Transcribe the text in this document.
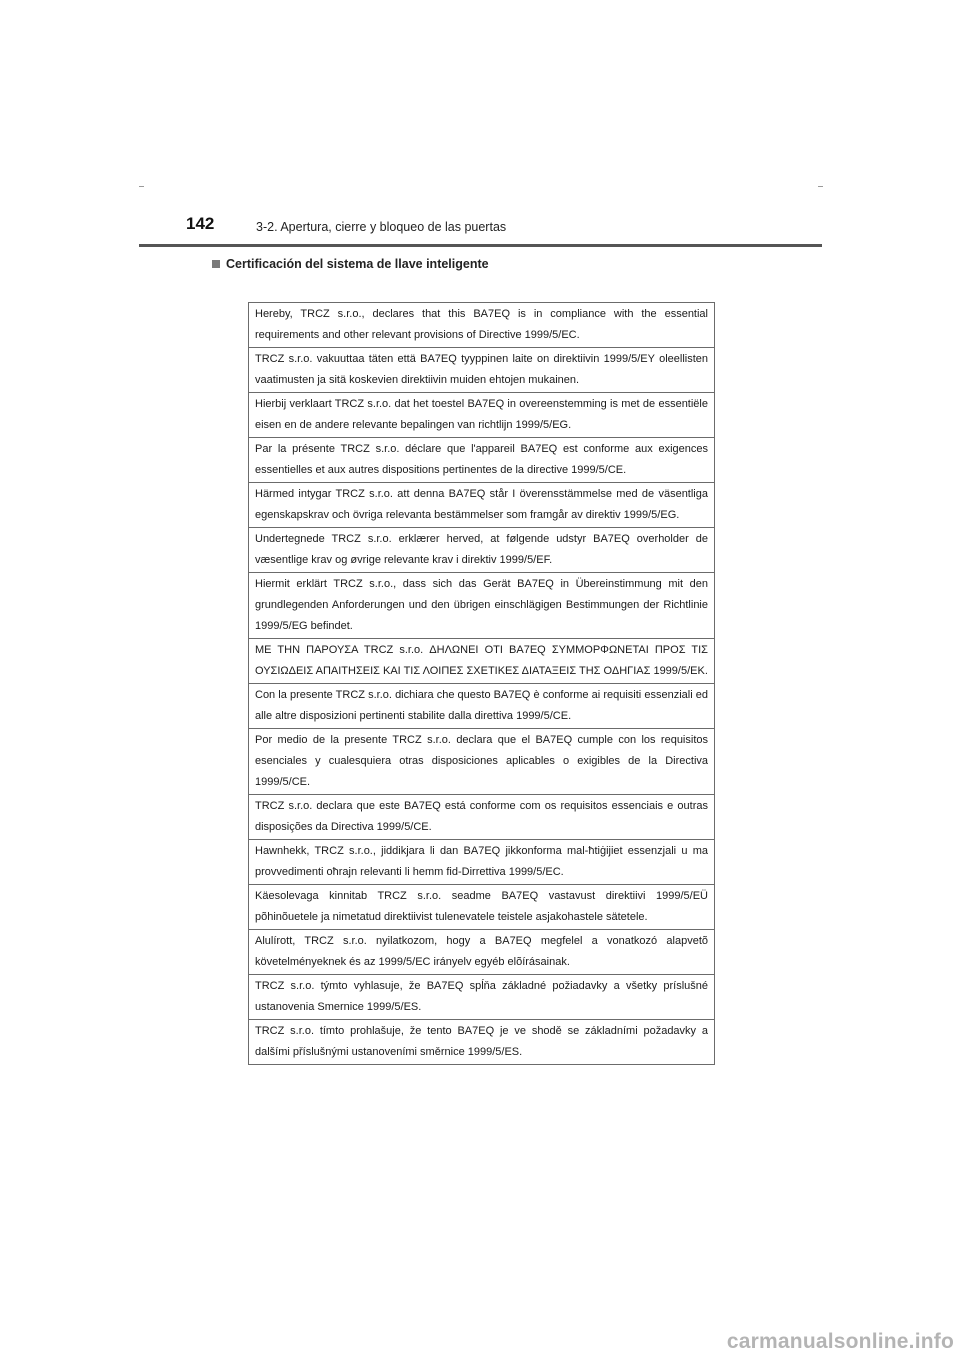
142	3-2. Apertura, cierre y bloqueo de las puertas
Certificación del sistema de llave inteligente
Hereby, TRCZ s.r.o., declares that this BA7EQ is in compliance with the essential requirements and other relevant provisions of Directive 1999/5/EC.
TRCZ s.r.o. vakuuttaa täten että BA7EQ tyyppinen laite on direktiivin 1999/5/EY oleellisten vaatimusten ja sitä koskevien direktiivin muiden ehtojen mukainen.
Hierbij verklaart TRCZ s.r.o. dat het toestel BA7EQ in overeenstemming is met de essentiële eisen en de andere relevante bepalingen van richtlijn 1999/5/EG.
Par la présente TRCZ s.r.o. déclare que l'appareil BA7EQ est conforme aux exigences essentielles et aux autres dispositions pertinentes de la directive 1999/5/CE.
Härmed intygar TRCZ s.r.o. att denna BA7EQ står I överensstämmelse med de väsentliga egenskapskrav och övriga relevanta bestämmelser som framgår av direktiv 1999/5/EG.
Undertegnede TRCZ s.r.o. erklærer herved, at følgende udstyr BA7EQ overholder de væsentlige krav og øvrige relevante krav i direktiv 1999/5/EF.
Hiermit erklärt TRCZ s.r.o., dass sich das Gerät BA7EQ in Übereinstimmung mit den grundlegenden Anforderungen und den übrigen einschlägigen Bestimmungen der Richtlinie 1999/5/EG befindet.
ΜΕ ΤΗΝ ΠΑΡΟΥΣΑ TRCZ s.r.o. ΔΗΛΩΝΕΙ ΟΤΙ BA7EQ ΣΥΜΜΟΡΦΩΝΕΤΑΙ ΠΡΟΣ ΤΙΣ ΟΥΣΙΩΔΕΙΣ ΑΠΑΙΤΗΣΕΙΣ ΚΑΙ ΤΙΣ ΛΟΙΠΕΣ ΣΧΕΤΙΚΕΣ ΔΙΑΤΑΞΕΙΣ ΤΗΣ ΟΔΗΓΙΑΣ 1999/5/ΕΚ.
Con la presente TRCZ s.r.o. dichiara che questo BA7EQ è conforme ai requisiti essenziali ed alle altre disposizioni pertinenti stabilite dalla direttiva 1999/5/CE.
Por medio de la presente TRCZ s.r.o. declara que el BA7EQ cumple con los requisitos esenciales y cualesquiera otras disposiciones aplicables o exigibles de la Directiva 1999/5/CE.
TRCZ s.r.o. declara que este BA7EQ está conforme com os requisitos essenciais e outras disposições da Directiva 1999/5/CE.
Hawnhekk, TRCZ s.r.o., jiddikjara li dan BA7EQ jikkonforma mal-ħtiġijiet essenzjali u ma provvedimenti oħrajn relevanti li hemm fid-Dirrettiva 1999/5/EC.
Käesolevaga kinnitab TRCZ s.r.o. seadme BA7EQ vastavust direktiivi 1999/5/EÜ põhinõuetele ja nimetatud direktiivist tulenevatele teistele asjakohastele sätetele.
Alulírott, TRCZ s.r.o. nyilatkozom, hogy a BA7EQ megfelel a vonatkozó alapvetõ követelményeknek és az 1999/5/EC irányelv egyéb elõírásainak.
TRCZ s.r.o. týmto vyhlasuje, že BA7EQ spĺňa základné požiadavky a všetky príslušné ustanovenia Smernice 1999/5/ES.
TRCZ s.r.o. tímto prohlašuje, že tento BA7EQ je ve shodě se základními požadavky a dalšími příslušnými ustanoveními směrnice 1999/5/ES.
carmanualsonline.info
